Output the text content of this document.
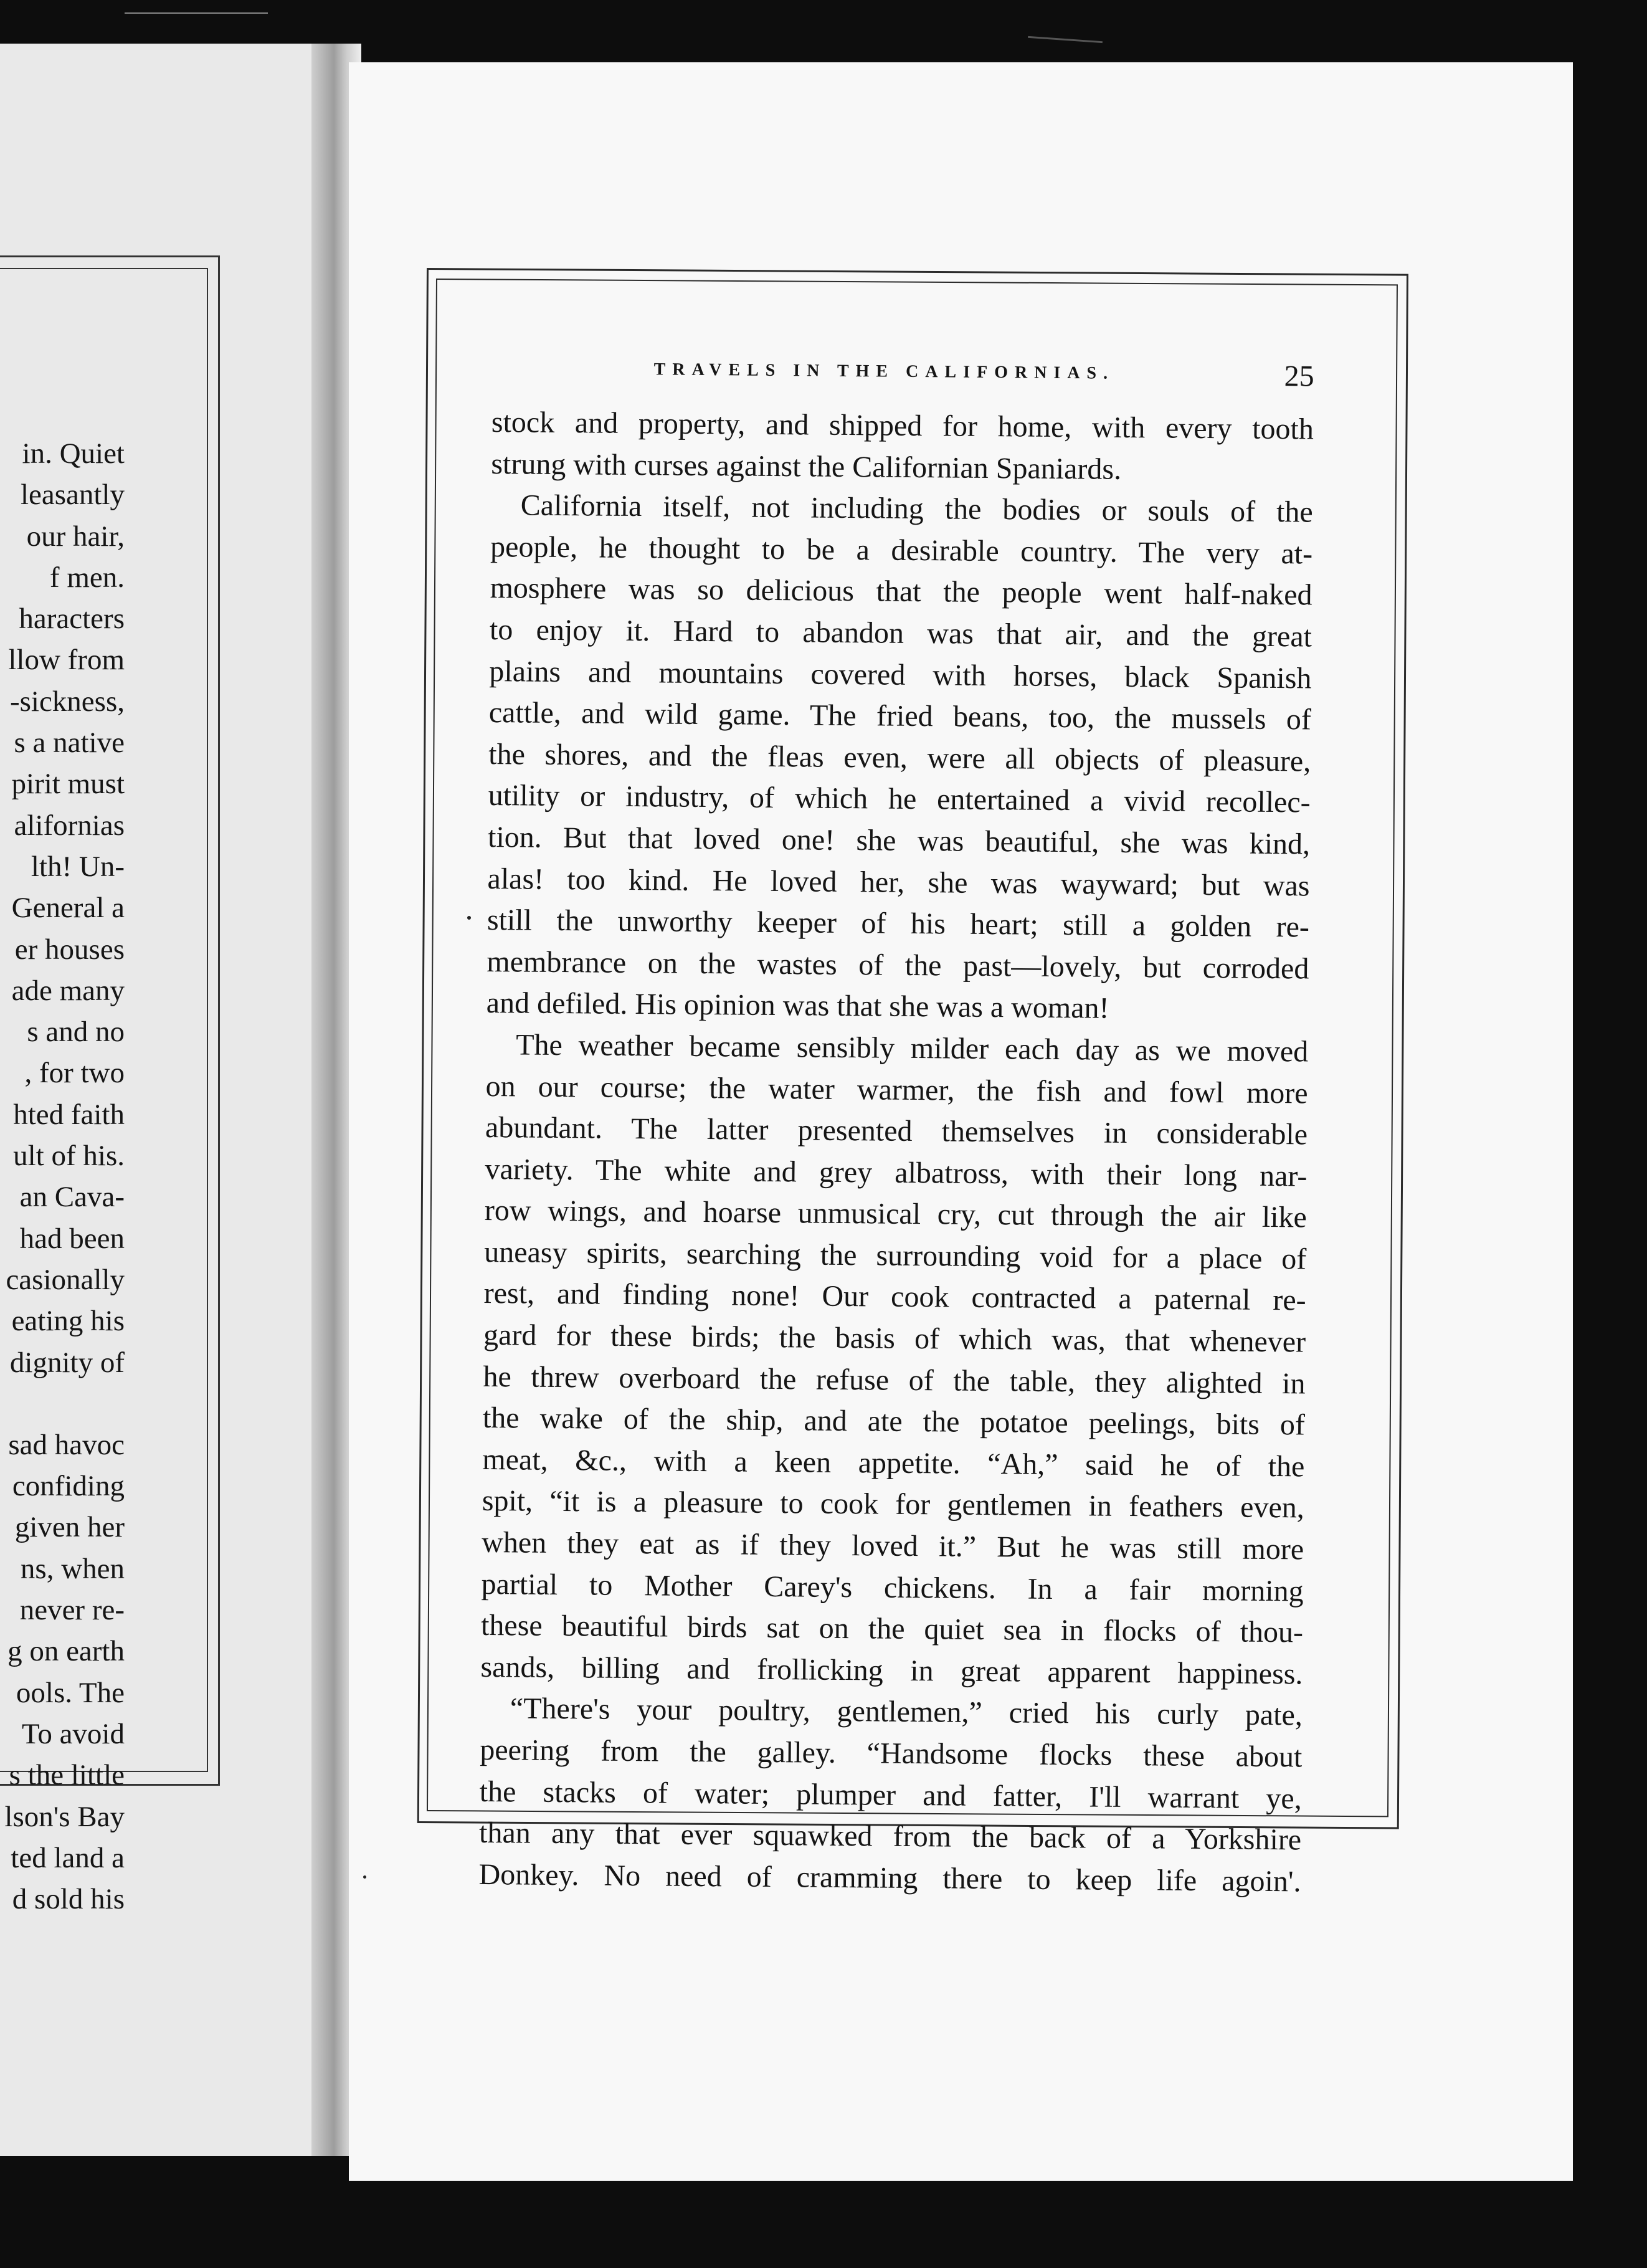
in. Quiet
leasantly
our hair,
f men.
haracters
llow from
-sickness,
s a native
pirit must
alifornias
lth! Un-
General a
er houses
ade many
s and no
, for two
hted faith
ult of his.
an Cava-
had been
casionally
eating his
dignity of
sad havoc
confiding
given her
ns, when
never re-
g on earth
ools. The
To avoid
s the little
lson's Bay
ted land a
d sold his
TRAVELS IN THE CALIFORNIAS.	25
stock and property, and shipped for home, with every tooth
strung with curses against the Californian Spaniards.
California itself, not including the bodies or souls of the
people, he thought to be a desirable country. The very at-
mosphere was so delicious that the people went half-naked
to enjoy it. Hard to abandon was that air, and the great
plains and mountains covered with horses, black Spanish
cattle, and wild game. The fried beans, too, the mussels of
the shores, and the fleas even, were all objects of pleasure,
utility or industry, of which he entertained a vivid recollec-
tion. But that loved one! she was beautiful, she was kind,
alas! too kind. He loved her, she was wayward; but was
still the unworthy keeper of his heart; still a golden re-
membrance on the wastes of the past—lovely, but corroded
and defiled. His opinion was that she was a woman!
The weather became sensibly milder each day as we moved
on our course; the water warmer, the fish and fowl more
abundant. The latter presented themselves in considerable
variety. The white and grey albatross, with their long nar-
row wings, and hoarse unmusical cry, cut through the air like
uneasy spirits, searching the surrounding void for a place of
rest, and finding none! Our cook contracted a paternal re-
gard for these birds; the basis of which was, that whenever
he threw overboard the refuse of the table, they alighted in
the wake of the ship, and ate the potatoe peelings, bits of
meat, &c., with a keen appetite. “Ah,” said he of the
spit, “it is a pleasure to cook for gentlemen in feathers even,
when they eat as if they loved it.” But he was still more
partial to Mother Carey's chickens. In a fair morning
these beautiful birds sat on the quiet sea in flocks of thou-
sands, billing and frollicking in great apparent happiness.
“There's your poultry, gentlemen,” cried his curly pate,
peering from the galley. “Handsome flocks these about
the stacks of water; plumper and fatter, I'll warrant ye,
than any that ever squawked from the back of a Yorkshire
Donkey. No need of cramming there to keep life agoin'.
